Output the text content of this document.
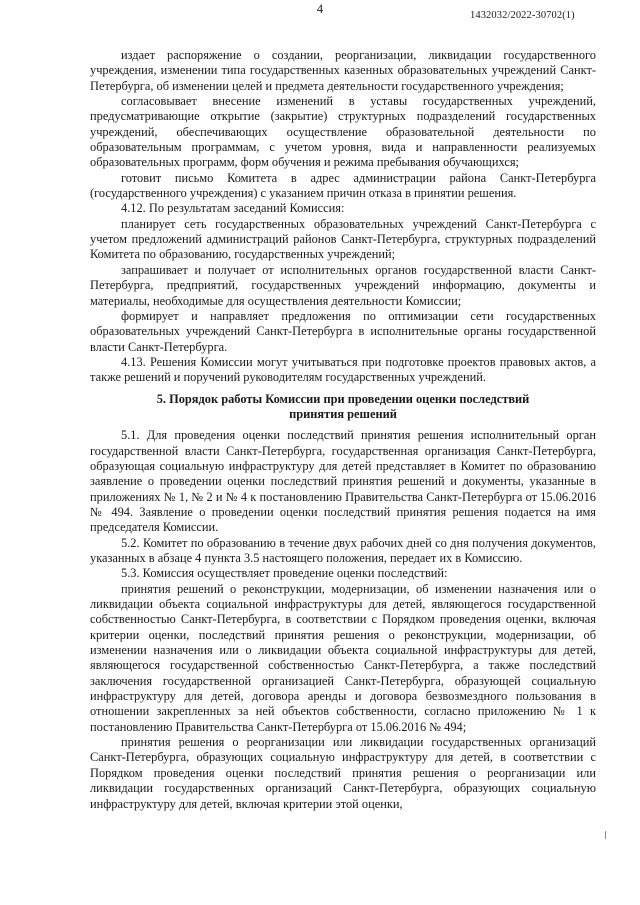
4	1432032/2022-30702(1)

издает распоряжение о создании, реорганизации, ликвидации государственного учреждения, изменении типа государственных казенных образовательных учреждений Санкт-Петербурга, об изменении целей и предмета деятельности государственного учреждения;

согласовывает внесение изменений в уставы государственных учреждений, предусматривающие открытие (закрытие) структурных подразделений государственных учреждений, обеспечивающих осуществление образовательной деятельности по образовательным программам, с учетом уровня, вида и направленности реализуемых образовательных программ, форм обучения и режима пребывания обучающихся;

готовит письмо Комитета в адрес администрации района Санкт-Петербурга (государственного учреждения) с указанием причин отказа в принятии решения.

4.12. По результатам заседаний Комиссия:

планирует сеть государственных образовательных учреждений Санкт-Петербурга с учетом предложений администраций районов Санкт-Петербурга, структурных подразделений Комитета по образованию, государственных учреждений;

запрашивает и получает от исполнительных органов государственной власти Санкт-Петербурга, предприятий, государственных учреждений информацию, документы и материалы, необходимые для осуществления деятельности Комиссии;

формирует и направляет предложения по оптимизации сети государственных образовательных учреждений Санкт-Петербурга в исполнительные органы государственной власти Санкт-Петербурга.

4.13. Решения Комиссии могут учитываться при подготовке проектов правовых актов, а также решений и поручений руководителям государственных учреждений.

5. Порядок работы Комиссии при проведении оценки последствий принятия решений

5.1. Для проведения оценки последствий принятия решения исполнительный орган государственной власти Санкт-Петербурга, государственная организация Санкт-Петербурга, образующая социальную инфраструктуру для детей представляет в Комитет по образованию заявление о проведении оценки последствий принятия решений и документы, указанные в приложениях № 1, № 2 и № 4 к постановлению Правительства Санкт-Петербурга от 15.06.2016 № 494. Заявление о проведении оценки последствий принятия решения подается на имя председателя Комиссии.

5.2. Комитет по образованию в течение двух рабочих дней со дня получения документов, указанных в абзаце 4 пункта 3.5 настоящего положения, передает их в Комиссию.

5.3. Комиссия осуществляет проведение оценки последствий:

принятия решений о реконструкции, модернизации, об изменении назначения или о ликвидации объекта социальной инфраструктуры для детей, являющегося государственной собственностью Санкт-Петербурга, в соответствии с Порядком проведения оценки, включая критерии оценки, последствий принятия решения о реконструкции, модернизации, об изменении назначения или о ликвидации объекта социальной инфраструктуры для детей, являющегося государственной собственностью Санкт-Петербурга, а также последствий заключения государственной организацией Санкт-Петербурга, образующей социальную инфраструктуру для детей, договора аренды и договора безвозмездного пользования в отношении закрепленных за ней объектов собственности, согласно приложению № 1 к постановлению Правительства Санкт-Петербурга от 15.06.2016 № 494;

принятия решения о реорганизации или ликвидации государственных организаций Санкт-Петербурга, образующих социальную инфраструктуру для детей, в соответствии с Порядком проведения оценки последствий принятия решения о реорганизации или ликвидации государственных организаций Санкт-Петербурга, образующих социальную инфраструктуру для детей, включая критерии этой оценки,
